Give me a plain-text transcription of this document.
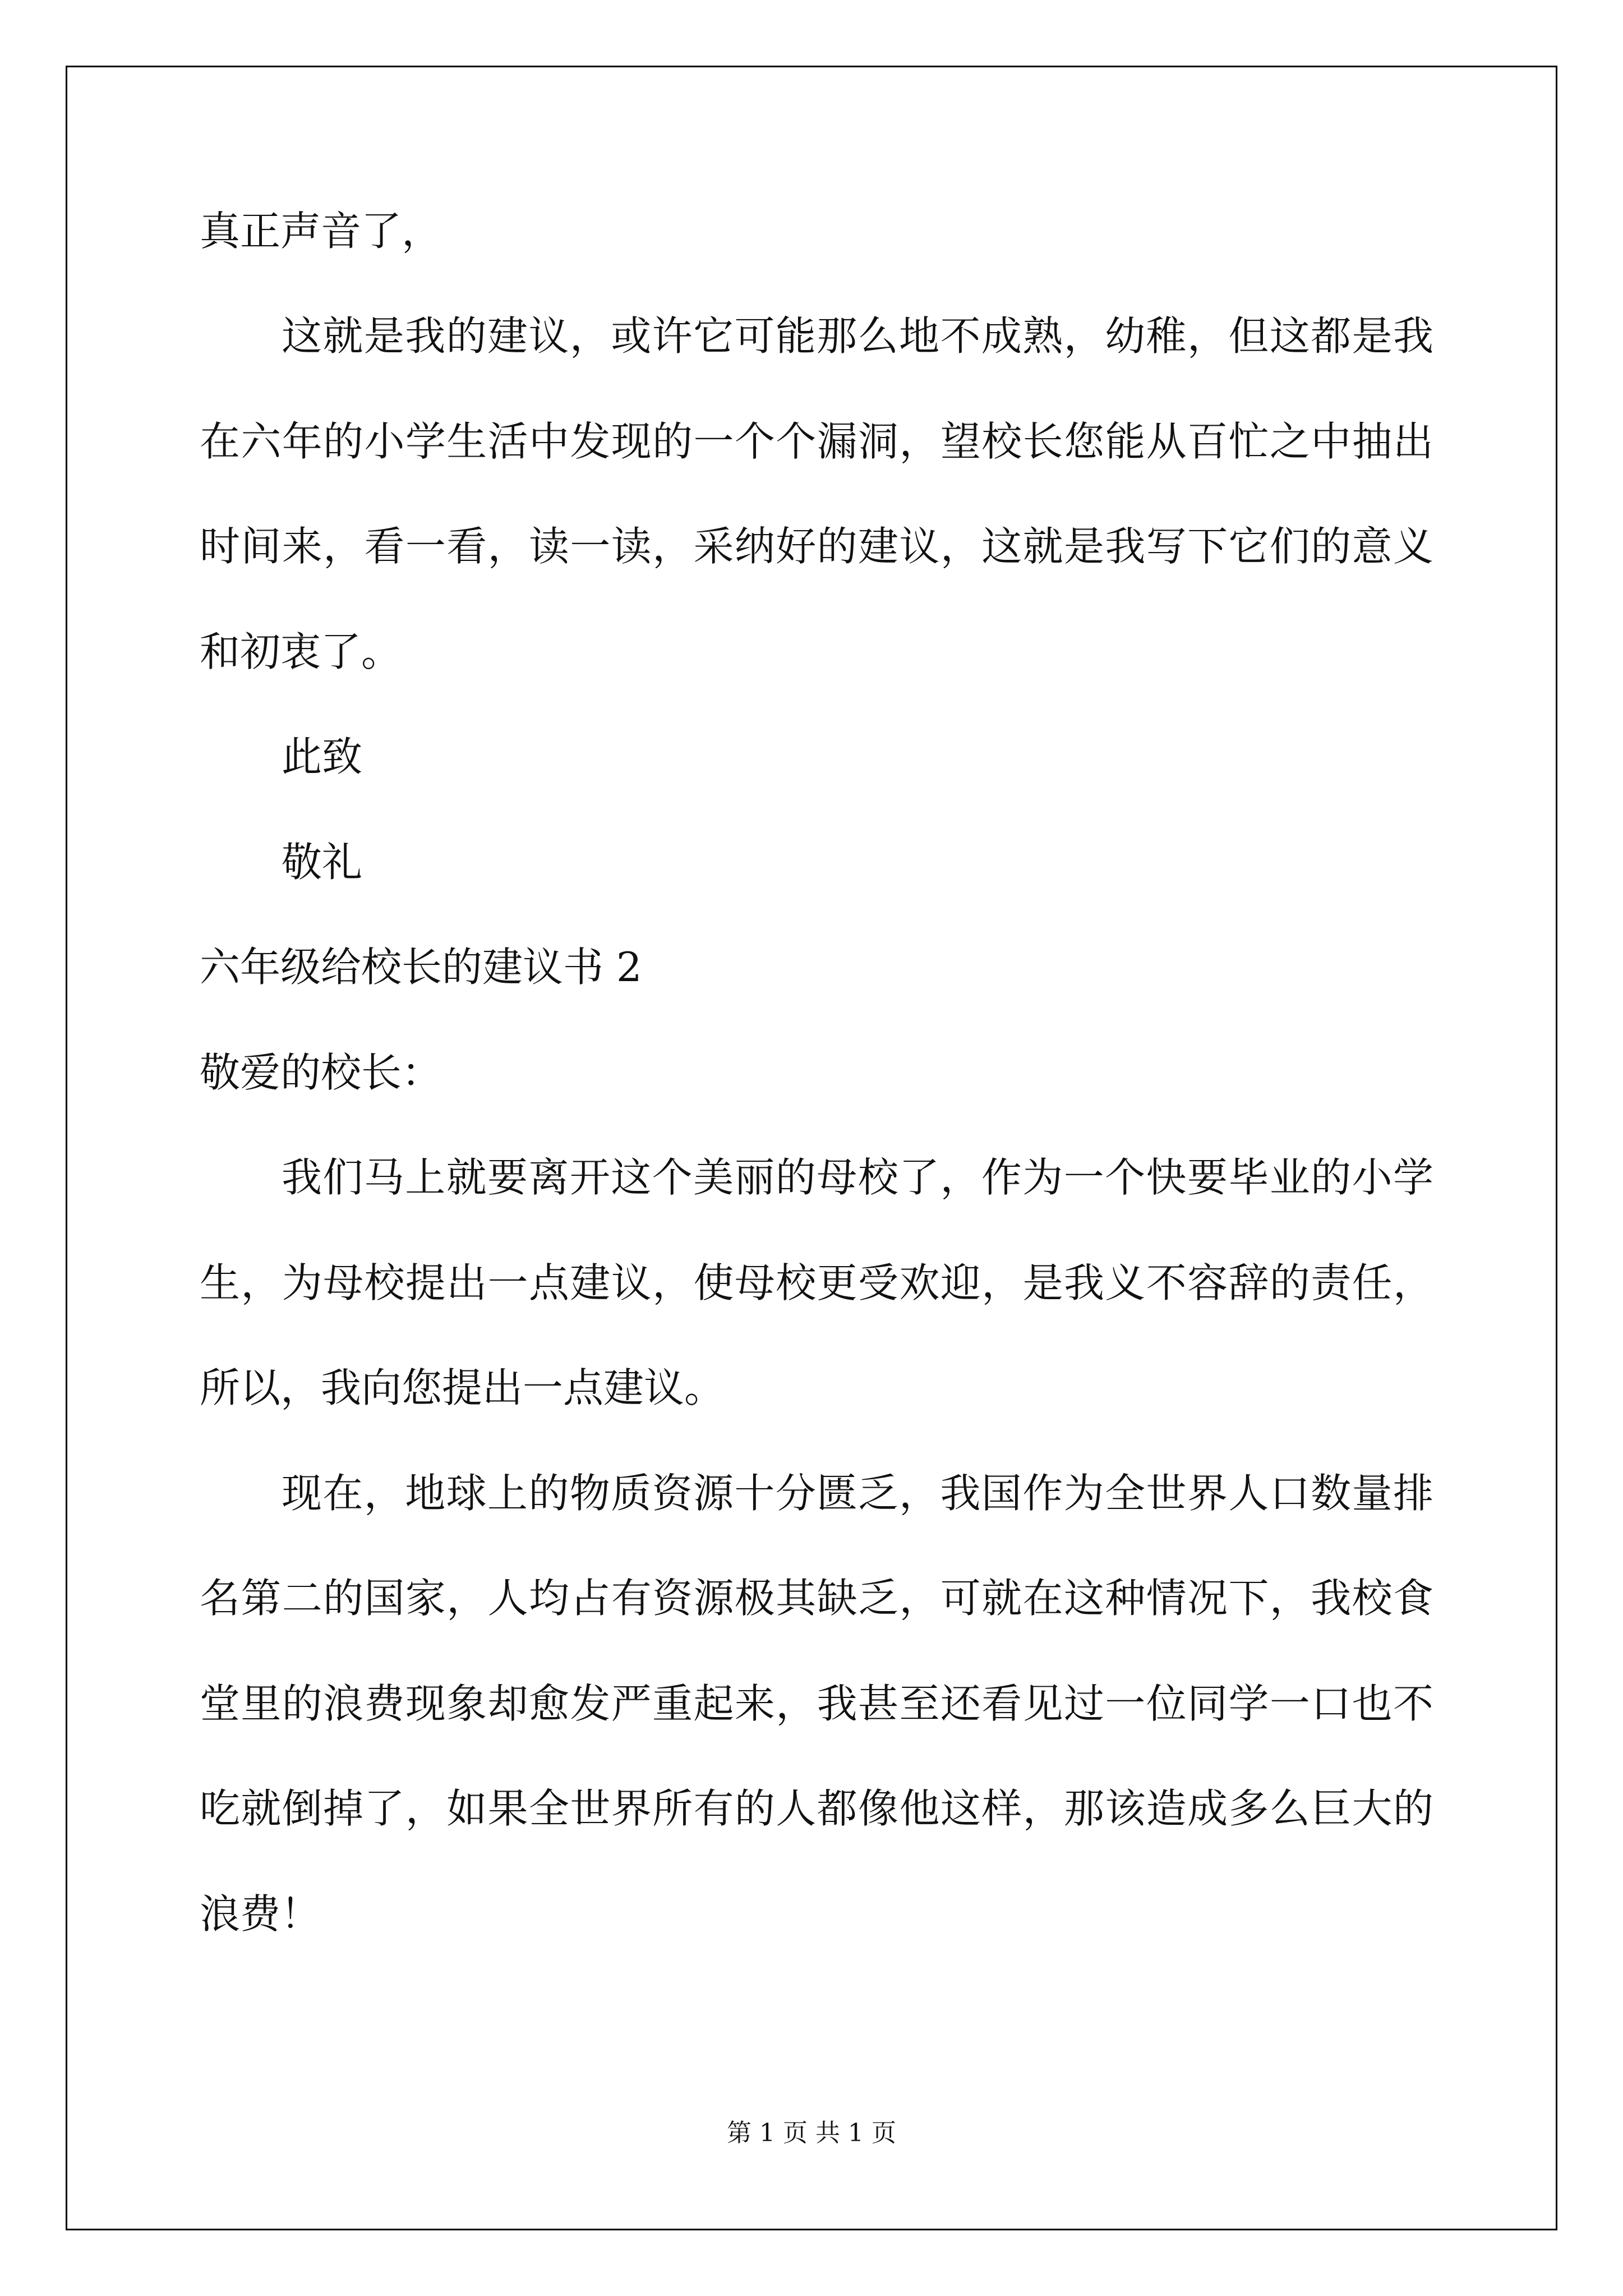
真正声音了，
这就是我的建议，或许它可能那么地不成熟，幼稚，但这都是我
在六年的小学生活中发现的一个个漏洞，望校长您能从百忙之中抽出
时间来，看一看，读一读，采纳好的建议，这就是我写下它们的意义
和初衷了。
此致
敬礼
六年级给校长的建议书 2
敬爱的校长：
我们马上就要离开这个美丽的母校了，作为一个快要毕业的小学
生，为母校提出一点建议，使母校更受欢迎，是我义不容辞的责任，
所以，我向您提出一点建议。
现在，地球上的物质资源十分匮乏，我国作为全世界人口数量排
名第二的国家，人均占有资源极其缺乏，可就在这种情况下，我校食
堂里的浪费现象却愈发严重起来，我甚至还看见过一位同学一口也不
吃就倒掉了，如果全世界所有的人都像他这样，那该造成多么巨大的
浪费！
第 1 页 共 1 页
